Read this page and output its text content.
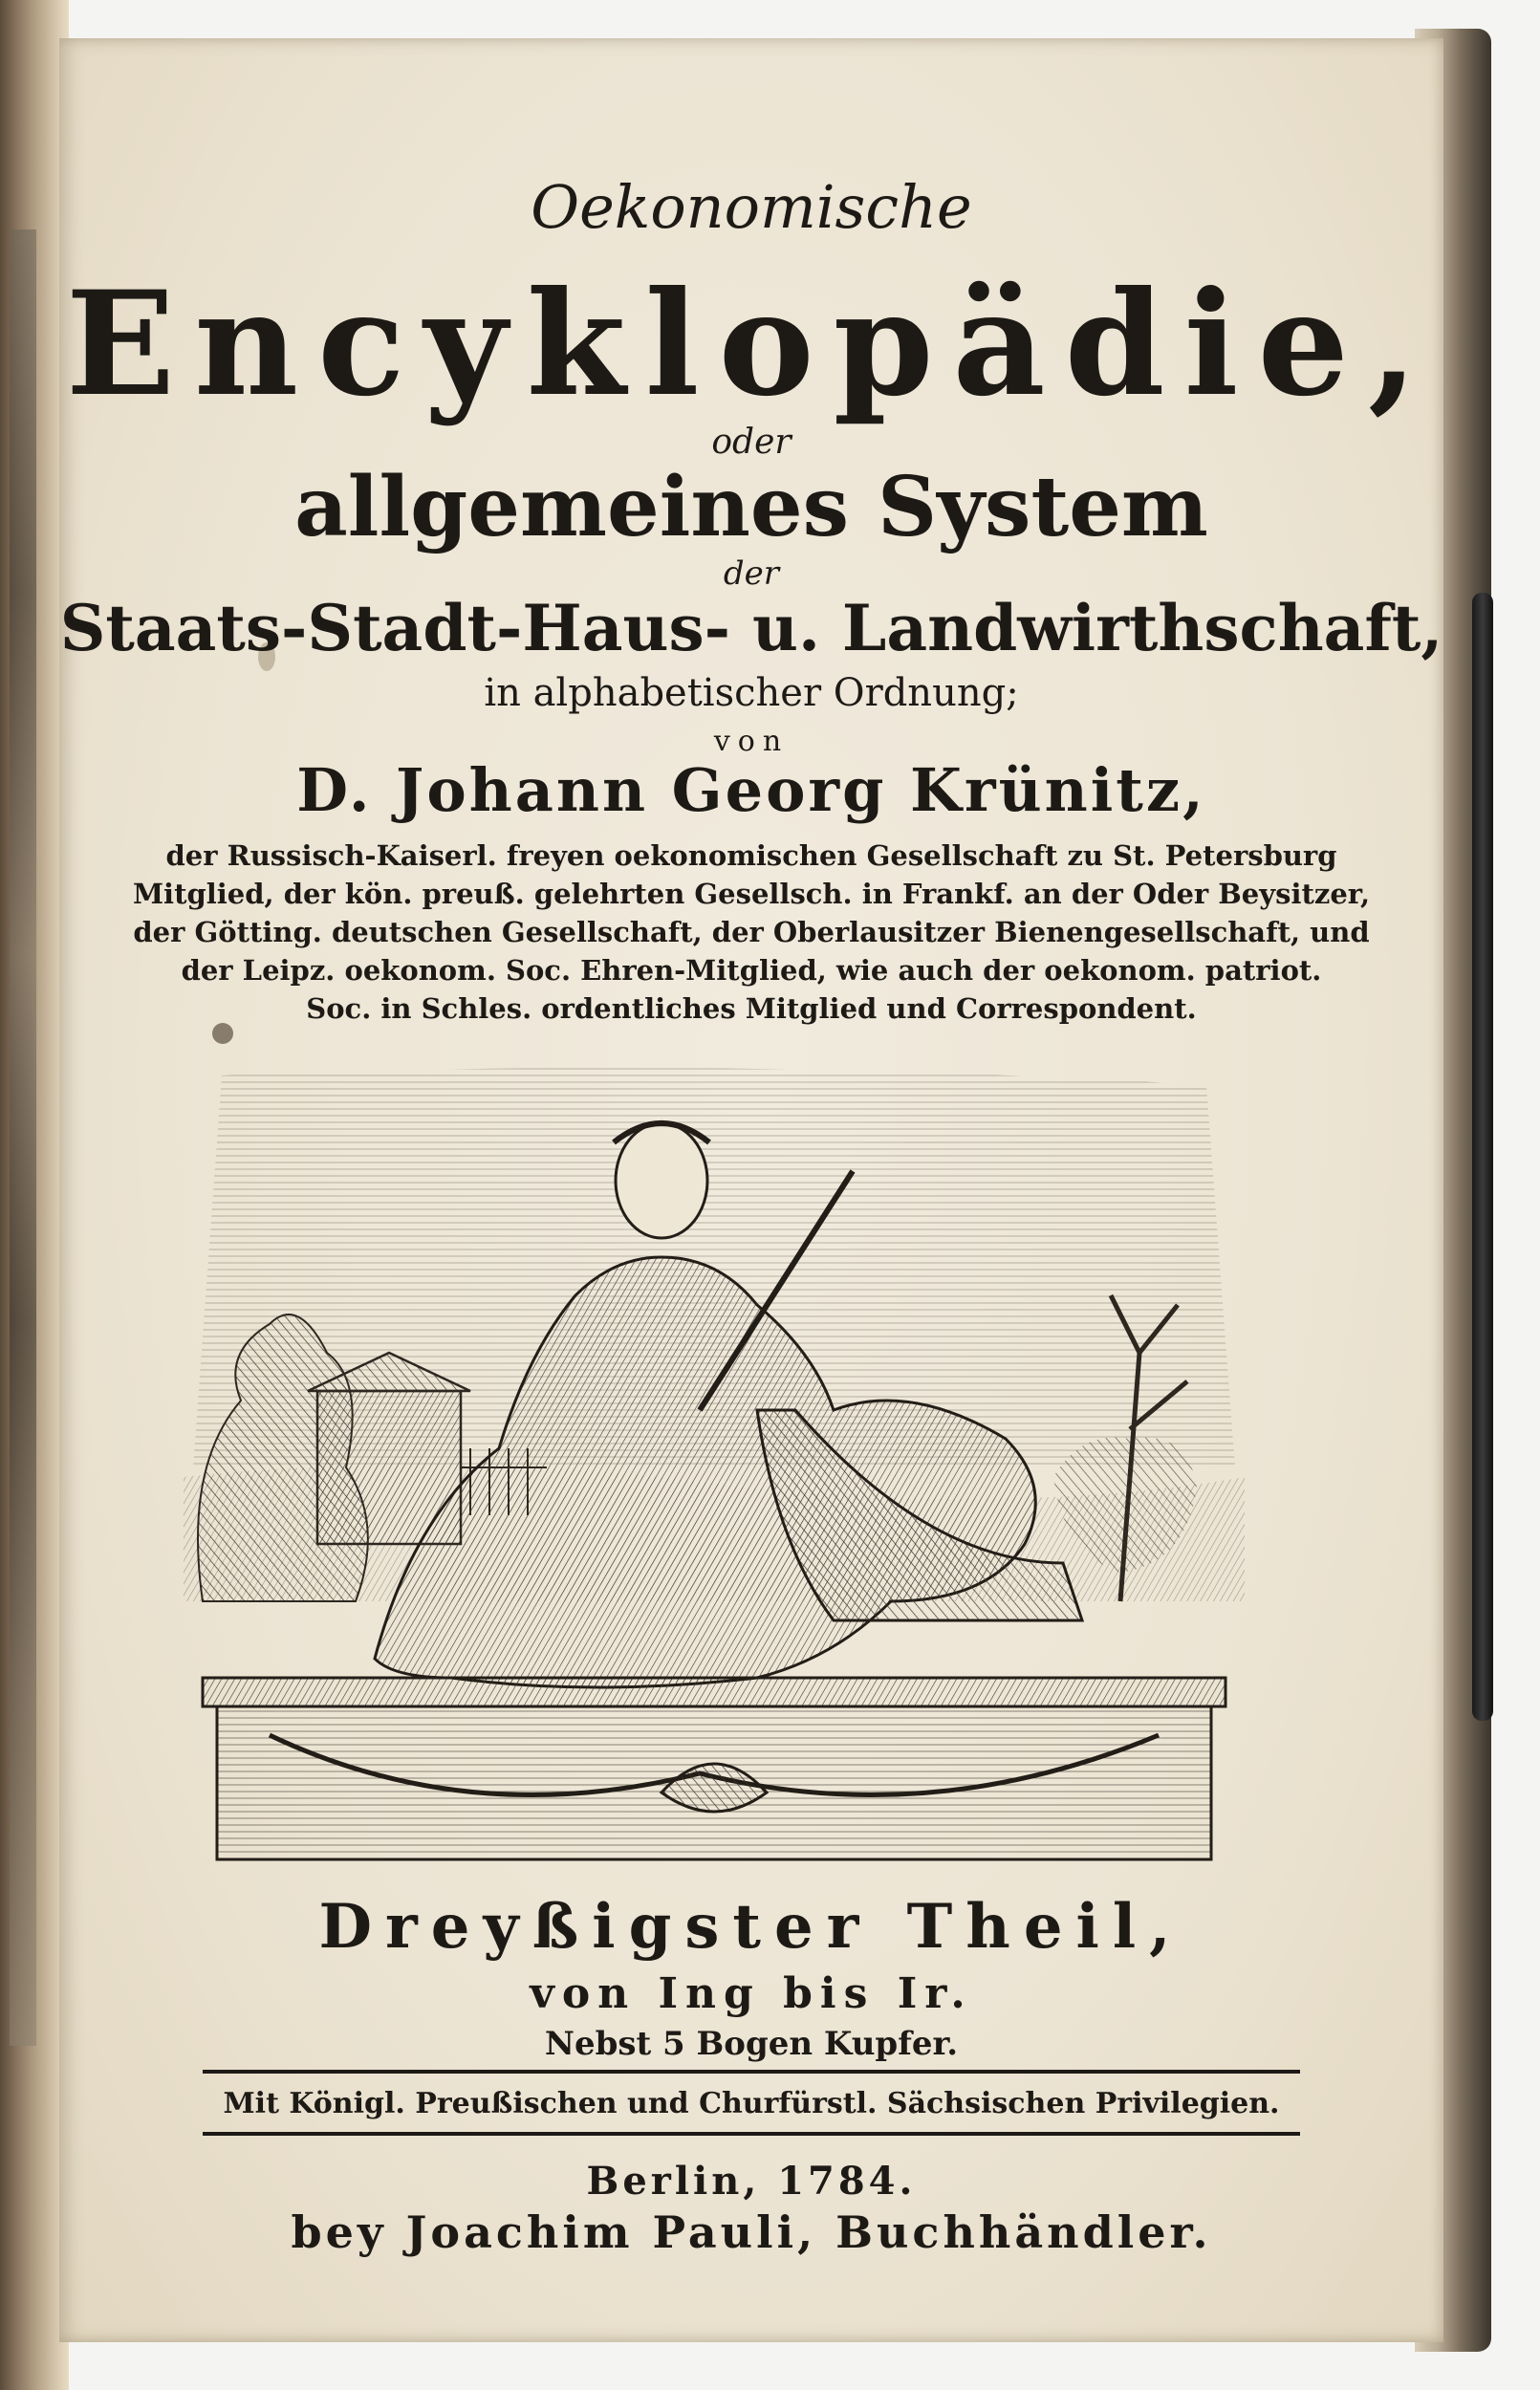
Oekonomische
Encyklopädie,
oder
allgemeines System
der
Staats-Stadt-Haus- u. Landwirthschaft,
in alphabetischer Ordnung;
von
D. Johann Georg Krünitz,
der Russisch-Kaiserl. freyen oekonomischen Gesellschaft zu St. Petersburg
Mitglied, der kön. preuß. gelehrten Gesellsch. in Frankf. an der Oder Beysitzer,
der Götting. deutschen Gesellschaft, der Oberlausitzer Bienengesellschaft, und
der Leipz. oekonom. Soc. Ehren-Mitglied, wie auch der oekonom. patriot.
Soc. in Schles. ordentliches Mitglied und Correspondent.
Dreyßigster Theil,
von Ing bis Ir.
Nebst 5 Bogen Kupfer.
Mit Königl. Preußischen und Churfürstl. Sächsischen Privilegien.
Berlin, 1784.
bey Joachim Pauli, Buchhändler.
